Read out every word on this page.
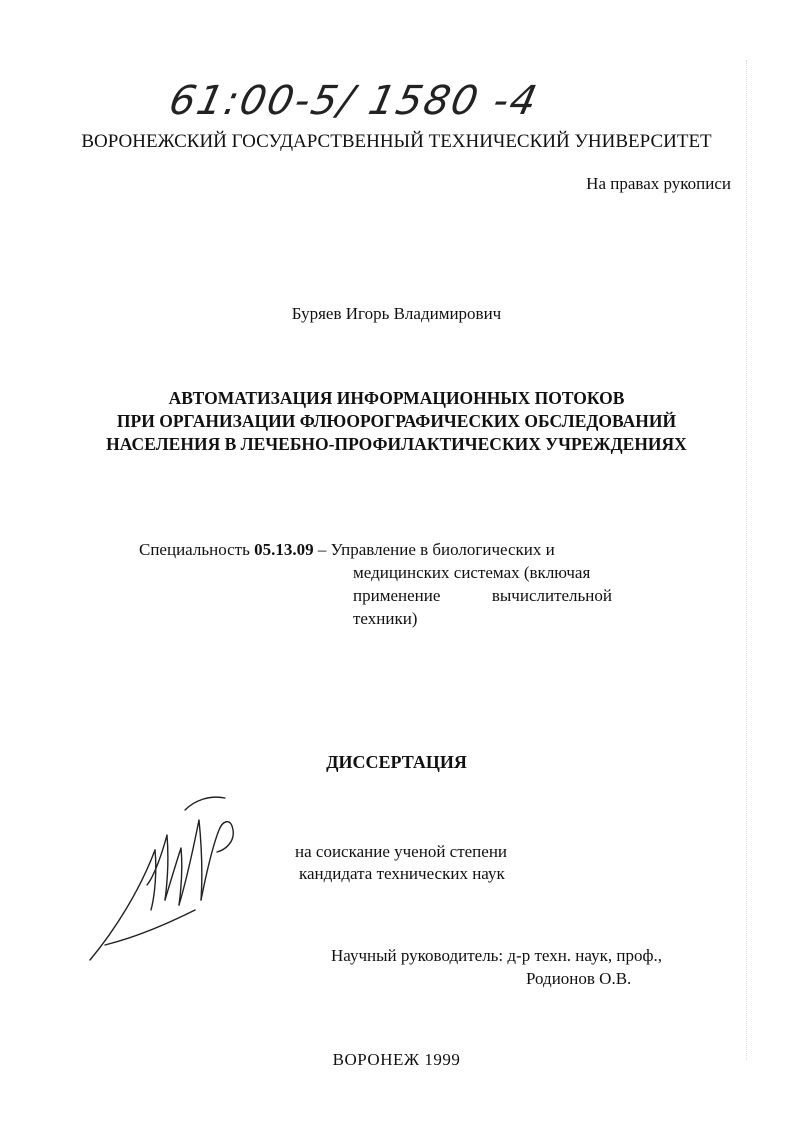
61:00-5/ 1580 -4
ВОРОНЕЖСКИЙ ГОСУДАРСТВЕННЫЙ ТЕХНИЧЕСКИЙ УНИВЕРСИТЕТ
На правах рукописи
Буряев Игорь Владимирович
АВТОМАТИЗАЦИЯ ИНФОРМАЦИОННЫХ ПОТОКОВ
ПРИ ОРГАНИЗАЦИИ ФЛЮОРОГРАФИЧЕСКИХ ОБСЛЕДОВАНИЙ
НАСЕЛЕНИЯ В ЛЕЧЕБНО-ПРОФИЛАКТИЧЕСКИХ УЧРЕЖДЕНИЯХ
Специальность 05.13.09 – Управление в биологических и
медицинских системах (включая
применение	вычислительной
техники)
ДИССЕРТАЦИЯ
на соискание ученой степени
кандидата технических наук
Научный руководитель: д-р техн. наук, проф.,
Родионов О.В.
ВОРОНЕЖ 1999
